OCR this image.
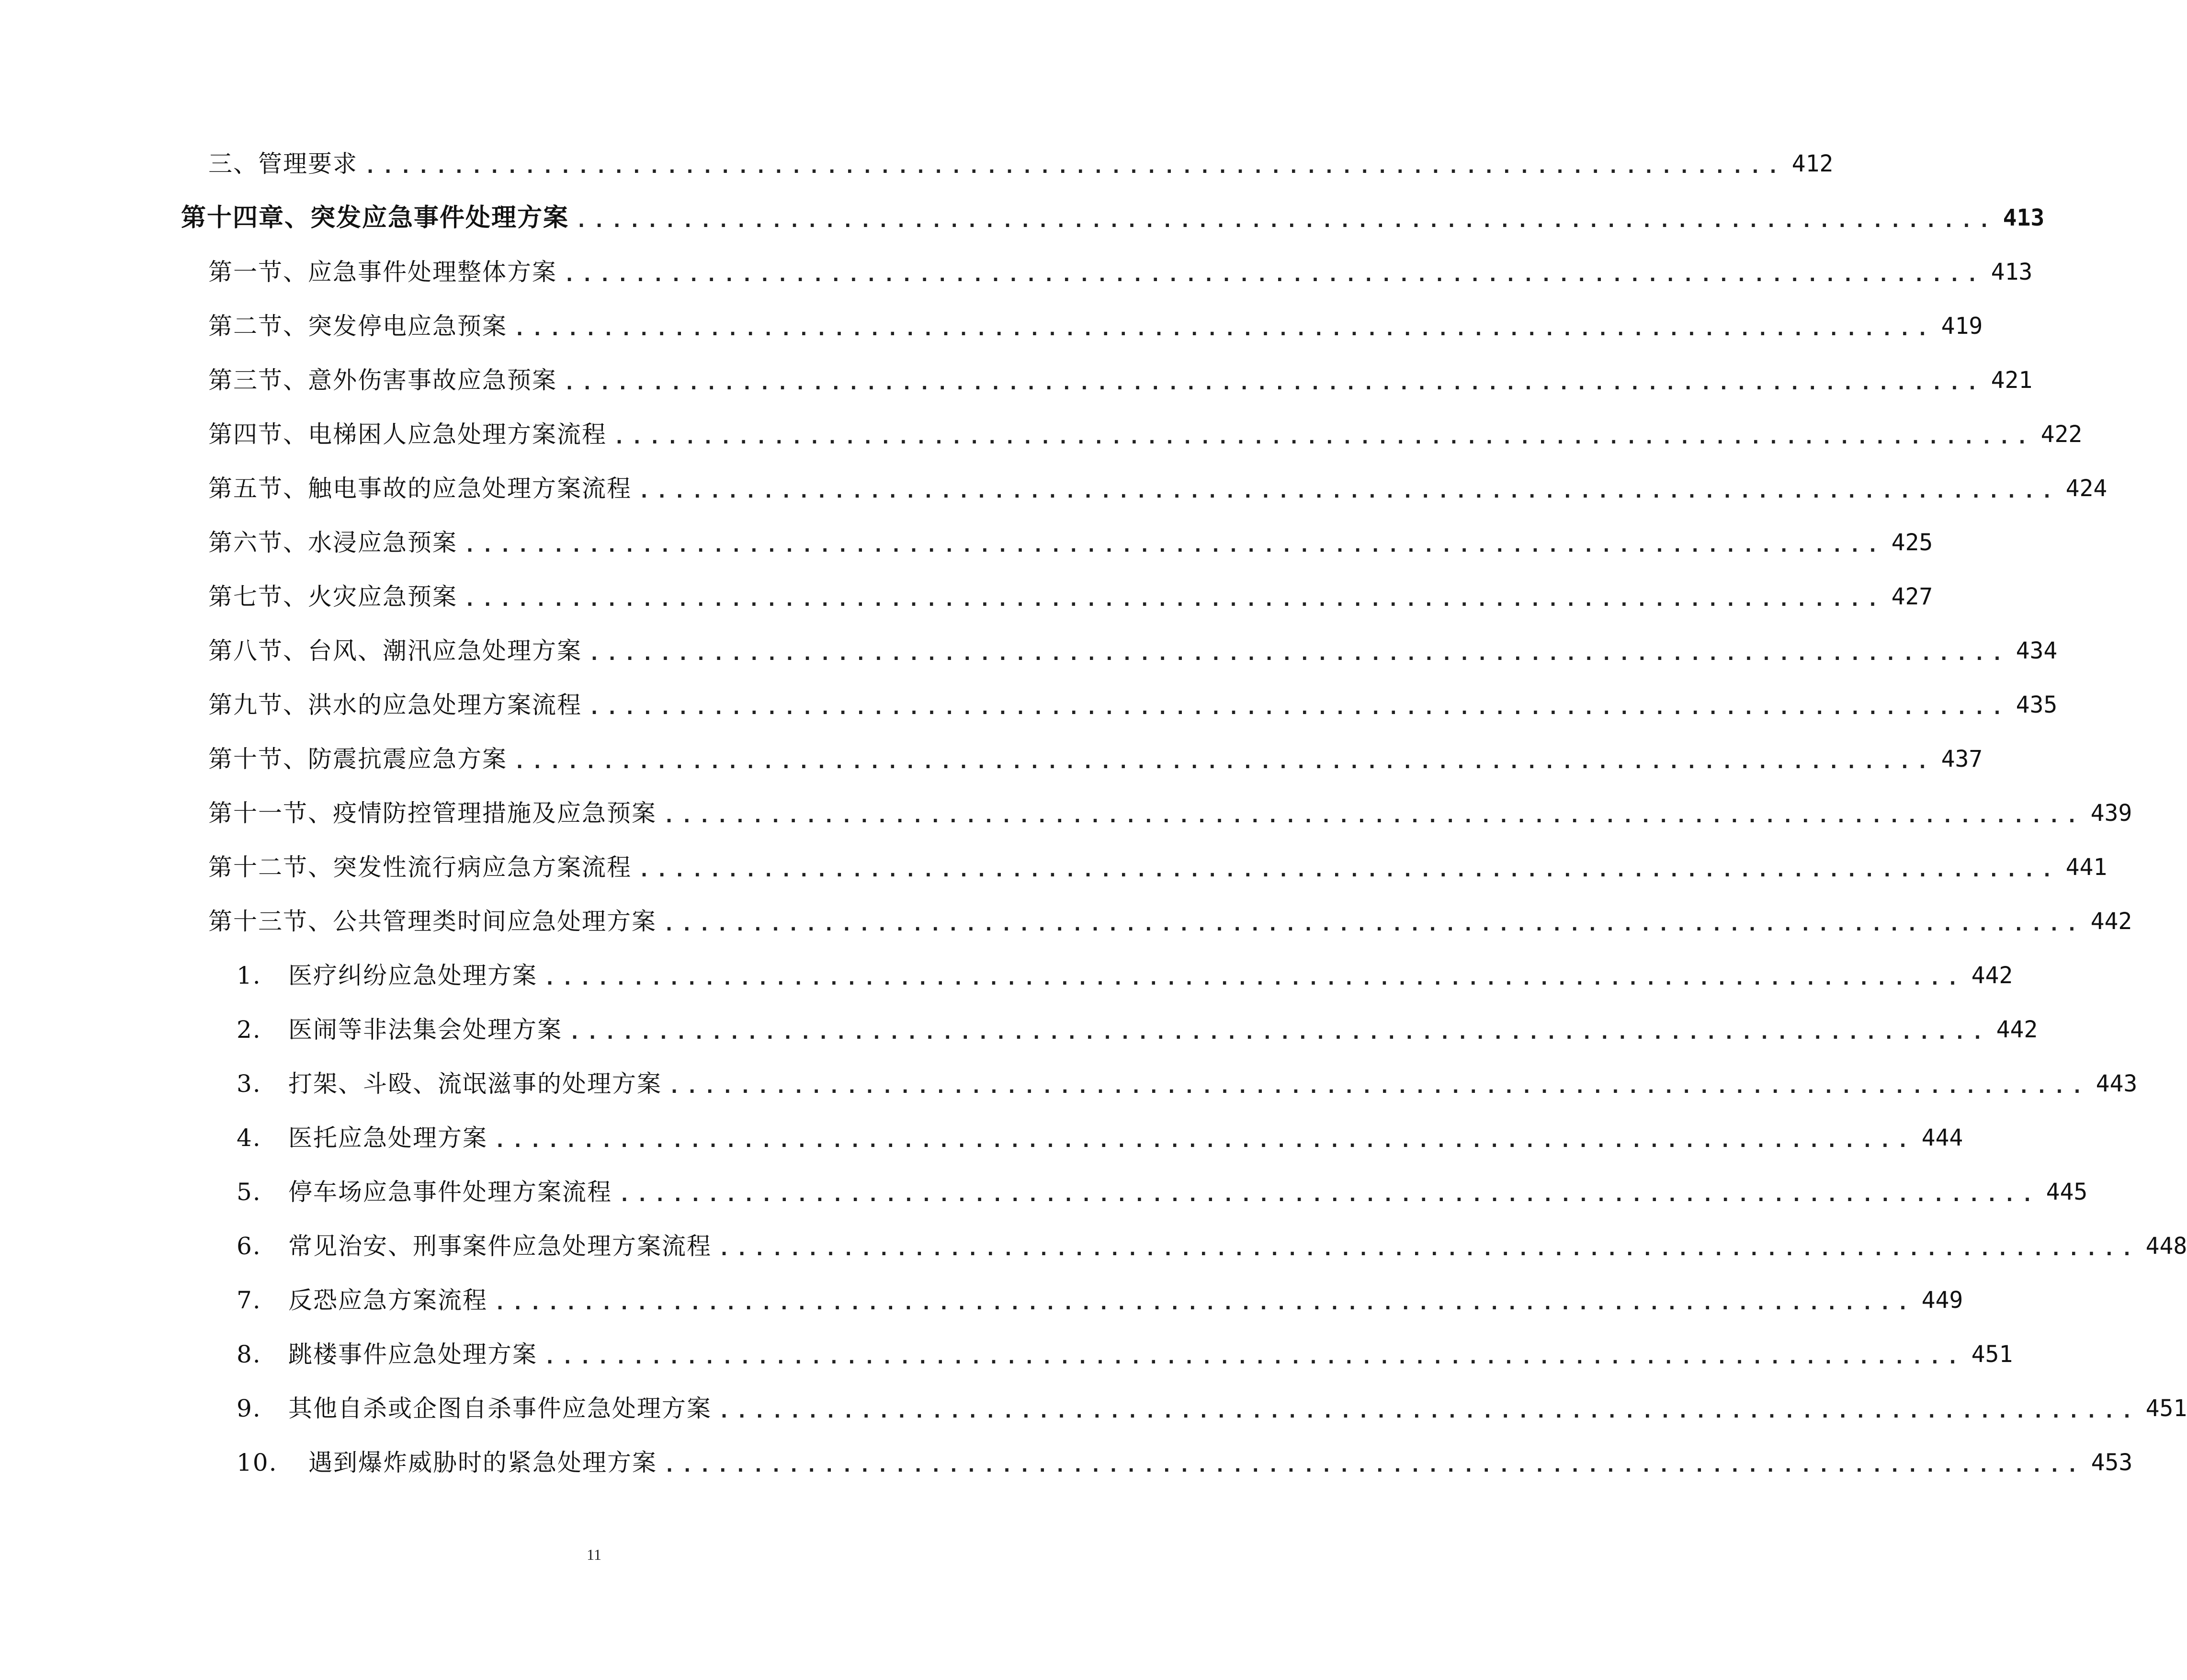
三、管理要求 ................................................................................ 412
第十四章、突发应急事件处理方案 ................................................................................ 413
第一节、应急事件处理整体方案 ................................................................................ 413
第二节、突发停电应急预案 ................................................................................ 419
第三节、意外伤害事故应急预案 ................................................................................ 421
第四节、电梯困人应急处理方案流程 ................................................................................ 422
第五节、触电事故的应急处理方案流程 ................................................................................ 424
第六节、水浸应急预案 ................................................................................ 425
第七节、火灾应急预案 ................................................................................ 427
第八节、台风、潮汛应急处理方案 ................................................................................ 434
第九节、洪水的应急处理方案流程 ................................................................................ 435
第十节、防震抗震应急方案 ................................................................................ 437
第十一节、疫情防控管理措施及应急预案 ................................................................................ 439
第十二节、突发性流行病应急方案流程 ................................................................................ 441
第十三节、公共管理类时间应急处理方案 ................................................................................ 442
1. 医疗纠纷应急处理方案 ................................................................................ 442
2. 医闹等非法集会处理方案 ................................................................................ 442
3. 打架、斗殴、流氓滋事的处理方案 ................................................................................ 443
4. 医托应急处理方案 ................................................................................ 444
5. 停车场应急事件处理方案流程 ................................................................................ 445
6. 常见治安、刑事案件应急处理方案流程 ................................................................................ 448
7. 反恐应急方案流程 ................................................................................ 449
8. 跳楼事件应急处理方案 ................................................................................ 451
9. 其他自杀或企图自杀事件应急处理方案 ................................................................................ 451
10. 遇到爆炸威胁时的紧急处理方案 ................................................................................ 453
11
